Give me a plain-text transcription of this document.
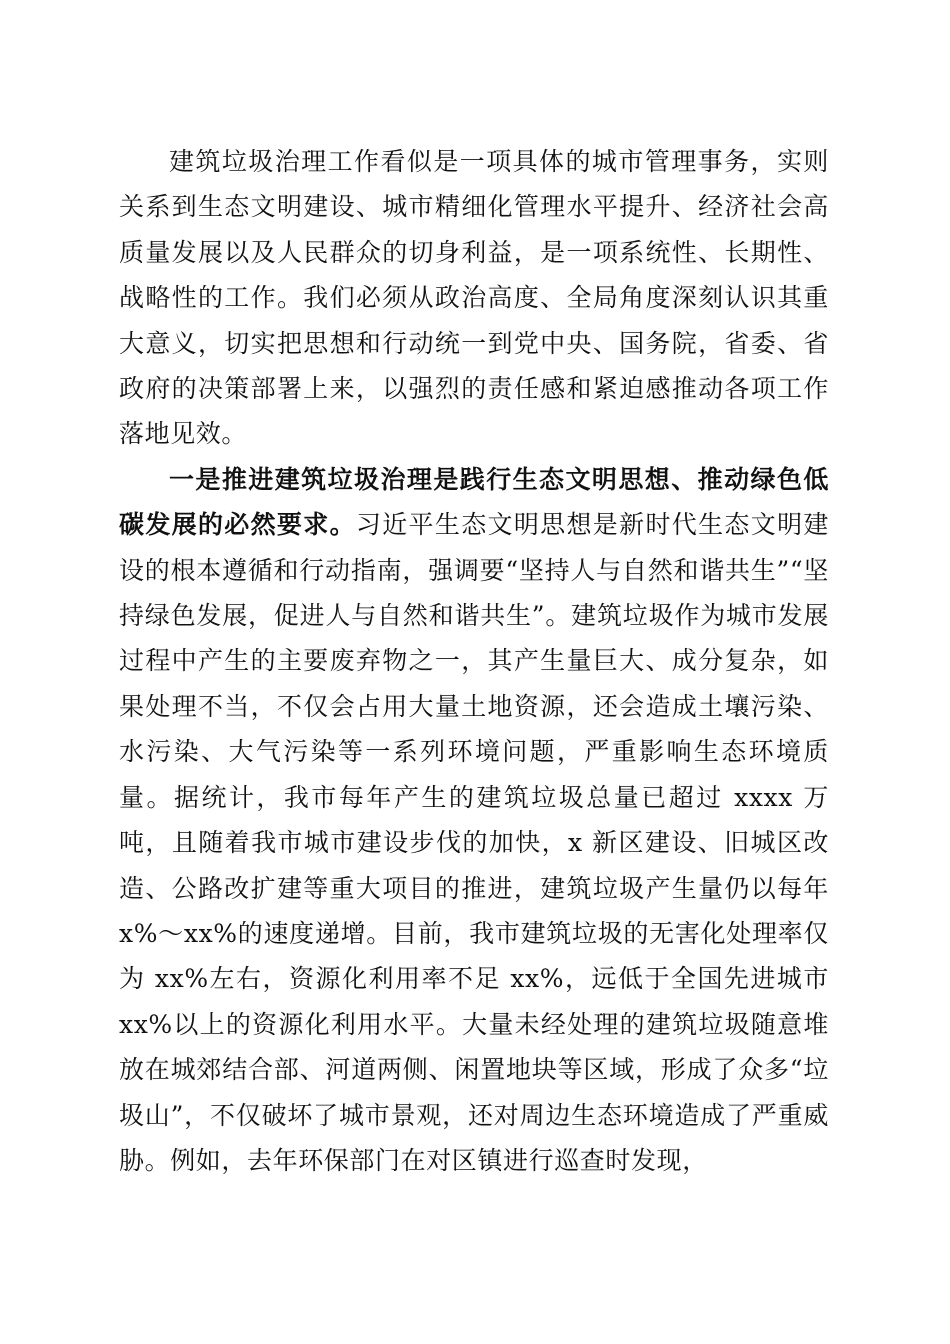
建筑垃圾治理工作看似是一项具体的城市管理事务，实则关系到生态文明建设、城市精细化管理水平提升、经济社会高质量发展以及人民群众的切身利益，是一项系统性、长期性、战略性的工作。我们必须从政治高度、全局角度深刻认识其重大意义，切实把思想和行动统一到党中央、国务院，省委、省政府的决策部署上来，以强烈的责任感和紧迫感推动各项工作落地见效。

一是推进建筑垃圾治理是践行生态文明思想、推动绿色低碳发展的必然要求。习近平生态文明思想是新时代生态文明建设的根本遵循和行动指南，强调要“坚持人与自然和谐共生”“坚持绿色发展，促进人与自然和谐共生”。建筑垃圾作为城市发展过程中产生的主要废弃物之一，其产生量巨大、成分复杂，如果处理不当，不仅会占用大量土地资源，还会造成土壤污染、水污染、大气污染等一系列环境问题，严重影响生态环境质量。据统计，我市每年产生的建筑垃圾总量已超过 xxxx 万吨，且随着我市城市建设步伐的加快，x 新区建设、旧城区改造、公路改扩建等重大项目的推进，建筑垃圾产生量仍以每年 x%～xx%的速度递增。目前，我市建筑垃圾的无害化处理率仅为 xx%左右，资源化利用率不足 xx%，远低于全国先进城市 xx%以上的资源化利用水平。大量未经处理的建筑垃圾随意堆放在城郊结合部、河道两侧、闲置地块等区域，形成了众多“垃圾山”，不仅破坏了城市景观，还对周边生态环境造成了严重威胁。例如，去年环保部门在对区镇进行巡查时发现，
